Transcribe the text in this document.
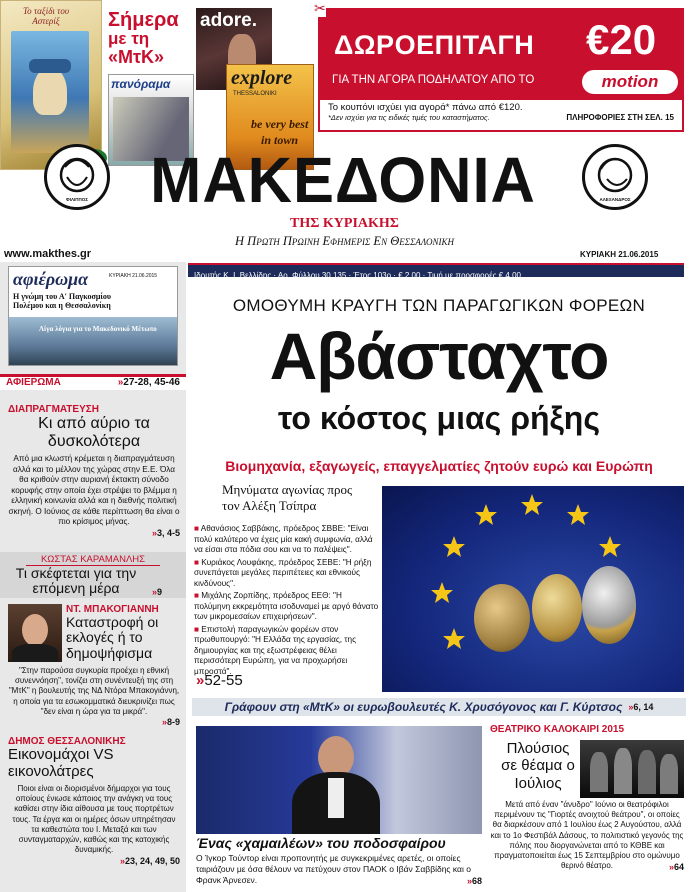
Το ταξίδι του Αστερίξ	Σήμερα
με τη
«ΜτΚ»
πανόραμα
adore.
explore
THESSALONIKI
be very best
in town
✂
ΔΩΡΟΕΠΙΤΑΓΗ €20
ΓΙΑ ΤΗΝ ΑΓΟΡΑ ΠΟΔΗΛΑΤΟΥ ΑΠΟ ΤΟ	motion
Το κουπόνι ισχύει για αγορά* πάνω από €120.
*Δεν ισχύει για τις ειδικές τιμές του καταστήματος.	ΠΛΗΡΟΦΟΡΙΕΣ ΣΤΗ ΣΕΛ. 15
ΦΙΛΙΠΠΟΣ ΜΑΚΕΔΟΝΙΑ	ΑΛΕΞΑΝΔΡΟΣ
ΤΗΣ ΚΥΡΙΑΚΗΣ
www.makthes.gr
Η Πρωτη Πρωινη Εφημερις Εν Θεσσαλονικη
ΚΥΡΙΑΚΗ 21.06.2015
Ιδρυτής Κ. Ι. Βελλίδης · Αρ. Φύλλου 30.135 · Έτος 103ο · € 2.00 · Τιμή με προσφορές € 4.00
αφιέρωμα	ΚΥΡΙΑΚΗ 21.06.2015
Η γνώμη του Α' Παγκοσμίου Πολέμου και η Θεσσαλονίκη
Λίγα λόγια για το Μακεδονικό Μέτωπο
ΑΦΙΕΡΩΜΑ	»27-28, 45-46
ΔΙΑΠΡΑΓΜΑΤΕΥΣΗ
Κι από αύριο τα δυσκολότερα

Από μια κλωστή κρέμεται η διαπραγμάτευση αλλά και το μέλλον της χώρας στην Ε.Ε. Όλα θα κριθούν στην αυριανή έκτακτη σύνοδο κορυφής στην οποία έχει στρέψει το βλέμμα η ελληνική κοινωνία αλλά και η διεθνής πολιτική σκηνή. Ο Ιούνιος σε κάθε περίπτωση θα είναι ο πιο κρίσιμος μήνας.

»3, 4-5
ΚΩΣΤΑΣ ΚΑΡΑΜΑΝΛΗΣ
Τι σκέφτεται για την επόμενη μέρα	»9
ΝΤ. ΜΠΑΚΟΓΙΑΝΝΗ
Καταστροφή οι εκλογές ή το δημοψήφισμα

"Στην παρούσα συγκυρία προέχει η εθνική συνεννόηση", τονίζει στη συνέντευξή της στη "ΜτΚ" η βουλευτής της ΝΔ Ντόρα Μπακογιάννη, η οποία για τα εσωκομματικά διευκρινίζει πως "δεν είναι η ώρα για τα μικρά".

»8-9
ΔΗΜΟΣ ΘΕΣΣΑΛΟΝΙΚΗΣ
Εικονομάχοι VS εικονολάτρες

Ποιοι είναι οι διορισμένοι δήμαρχοι για τους οποίους ένιωσε κάποιος την ανάγκη να τους καθίσει στην ίδια αίθουσα με τους πορτρέτων τους. Τα έργα και οι ημέρες όσων υπηρέτησαν τα καθεστώτα του Ι. Μεταξά και των συνταγματαρχών, καθώς και της κατοχικής δυναμικής.

»23, 24, 49, 50
ΟΜΟΘΥΜΗ ΚΡΑΥΓΗ ΤΩΝ ΠΑΡΑΓΩΓΙΚΩΝ ΦΟΡΕΩΝ
Αβάσταχτο
το κόστος μιας ρήξης
Βιομηχανία, εξαγωγείς, επαγγελματίες ζητούν ευρώ και Ευρώπη
Μηνύματα αγωνίας προς τον Αλέξη Τσίπρα

■ Αθανάσιος Σαββάκης, πρόεδρος ΣΒΒΕ: "Είναι πολύ καλύτερο να έχεις μία κακή συμφωνία, αλλά να είσαι στα πόδια σου και να το παλέψεις".

■ Κυριάκος Λουφάκης, πρόεδρος ΣΕΒΕ: "Η ρήξη συνεπάγεται μεγάλες περιπέτειες και εθνικούς κινδύνους".

■ Μιχάλης Ζορπίδης, πρόεδρος ΕΕΘ: "Η πολύμηνη εκκρεμότητα ισοδυναμεί με αργό θάνατο των μικρομεσαίων επιχειρήσεων".

■ Επιστολή παραγωγικών φορέων στον πρωθυπουργό: "Η Ελλάδα της εργασίας, της δημιουργίας και της εξωστρέφειας θέλει περισσότερη Ευρώπη, για να προχωρήσει μπροστά".

»52-55
Γράφουν στη «ΜτΚ» οι ευρωβουλευτές Κ. Χρυσόγονος και Γ. Κύρτσος »6, 14
Ένας «χαμαιλέων» του ποδοσφαίρου

Ο Ίγκορ Τούντορ είναι προπονητής με συγκεκριμένες αρετές, οι οποίες ταιριάζουν με όσα θέλουν να πετύχουν στον ΠΑΟΚ ο Ιβάν Σαββίδης και ο Φρανκ Άρνεσεν.	»68
ΘΕΑΤΡΙΚΟ ΚΑΛΟΚΑΙΡΙ 2015
Πλούσιος σε θέαμα ο Ιούλιος

Μετά από έναν "άνυδρο" Ιούνιο οι θεατρόφιλοι περιμένουν τις "Γιορτές ανοιχτού θεάτρου", οι οποίες θα διαρκέσουν από 1 Ιουλίου έως 2 Αυγούστου, αλλά και το 1ο Φεστιβάλ Δάσους, το πολιτιστικό γεγονός της πόλης που διοργανώνεται από το ΚΘΒΕ και πραγματοποιείται έως 15 Σεπτεμβρίου στο ομώνυμο θερινό θέατρο.	»64
